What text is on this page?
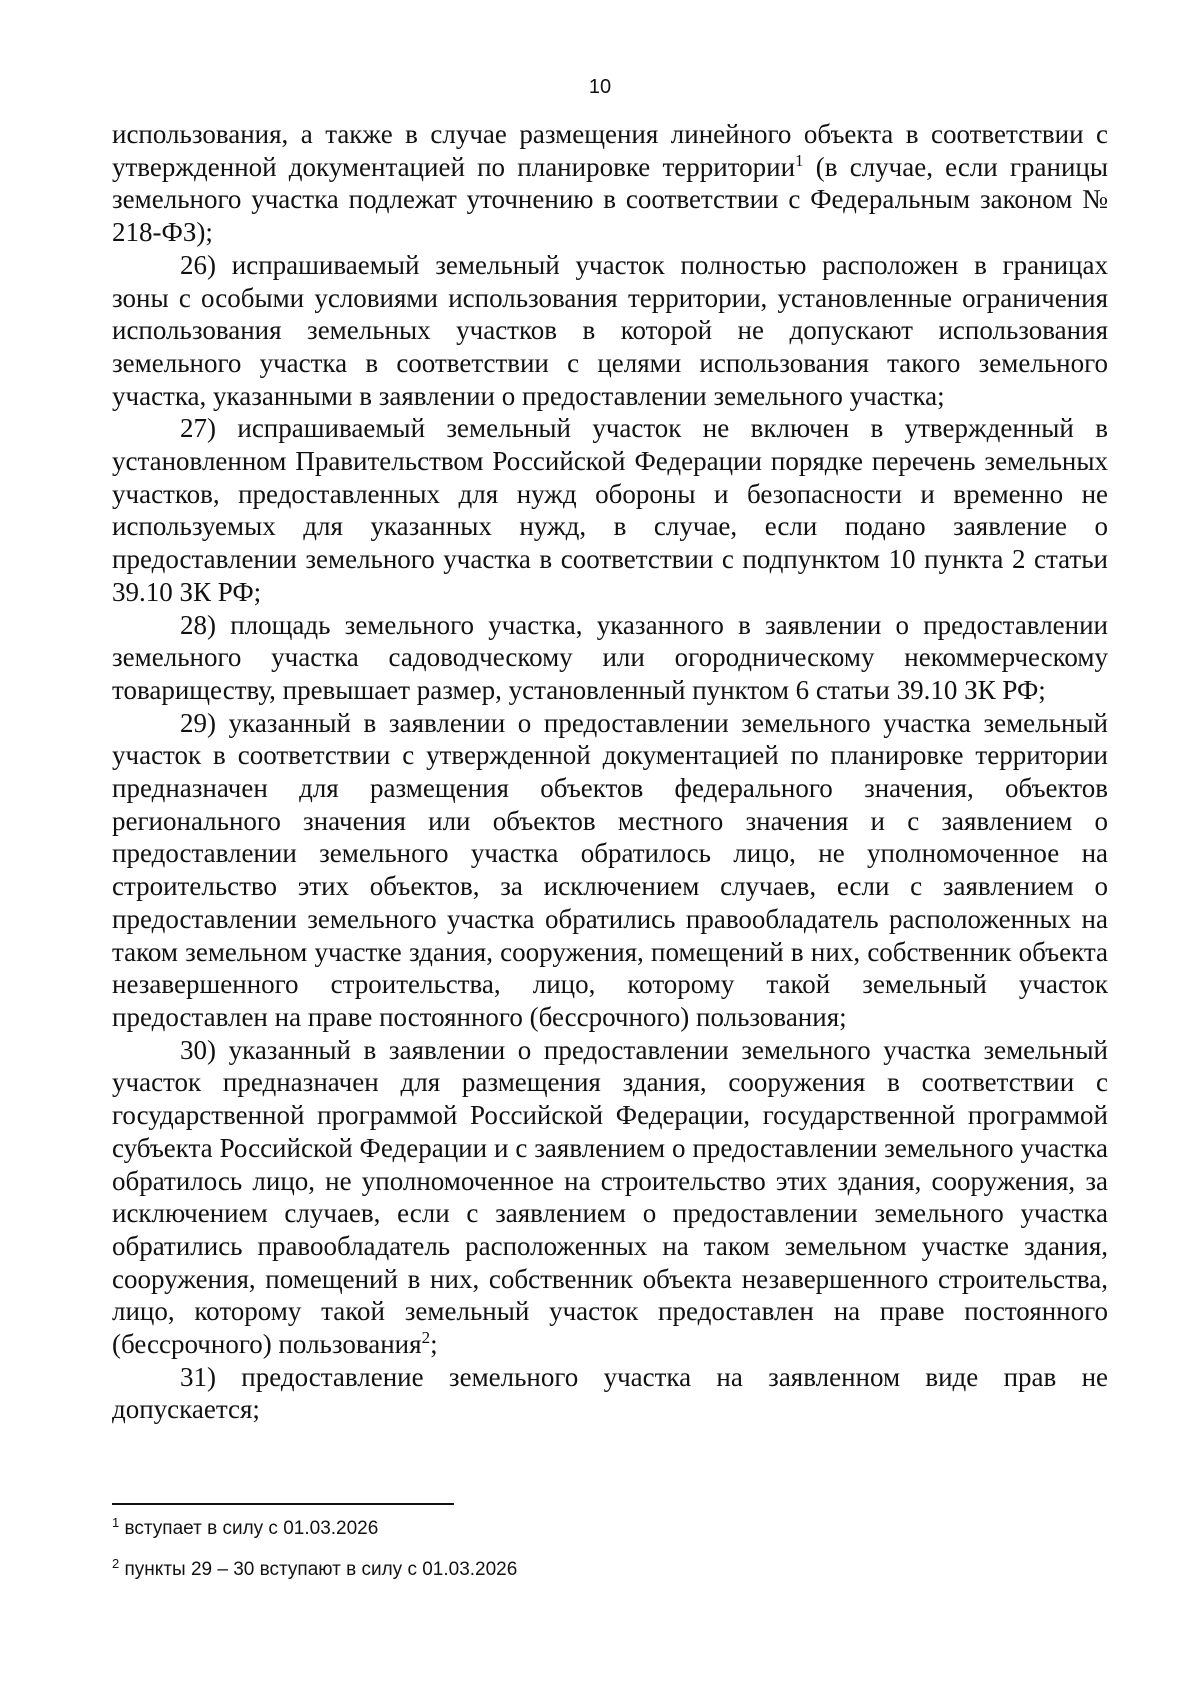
10

использования, а также в случае размещения линейного объекта в соответствии с утвержденной документацией по планировке территории$^1$ (в случае, если границы земельного участка подлежат уточнению в соответствии с Федеральным законом № 218-ФЗ);

26) испрашиваемый земельный участок полностью расположен в границах зоны с особыми условиями использования территории, установленные ограничения использования земельных участков в которой не допускают использования земельного участка в соответствии с целями использования такого земельного участка, указанными в заявлении о предоставлении земельного участка;

27) испрашиваемый земельный участок не включен в утвержденный в установленном Правительством Российской Федерации порядке перечень земельных участков, предоставленных для нужд обороны и безопасности и временно не используемых для указанных нужд, в случае, если подано заявление о предоставлении земельного участка в соответствии с подпунктом 10 пункта 2 статьи 39.10 ЗК РФ;

28) площадь земельного участка, указанного в заявлении о предоставлении земельного участка садоводческому или огородническому некоммерческому товариществу, превышает размер, установленный пунктом 6 статьи 39.10 ЗК РФ;

29) указанный в заявлении о предоставлении земельного участка земельный участок в соответствии с утвержденной документацией по планировке территории предназначен для размещения объектов федерального значения, объектов регионального значения или объектов местного значения и с заявлением о предоставлении земельного участка обратилось лицо, не уполномоченное на строительство этих объектов, за исключением случаев, если с заявлением о предоставлении земельного участка обратились правообладатель расположенных на таком земельном участке здания, сооружения, помещений в них, собственник объекта незавершенного строительства, лицо, которому такой земельный участок предоставлен на праве постоянного (бессрочного) пользования;

30) указанный в заявлении о предоставлении земельного участка земельный участок предназначен для размещения здания, сооружения в соответствии с государственной программой Российской Федерации, государственной программой субъекта Российской Федерации и с заявлением о предоставлении земельного участка обратилось лицо, не уполномоченное на строительство этих здания, сооружения, за исключением случаев, если с заявлением о предоставлении земельного участка обратились правообладатель расположенных на таком земельном участке здания, сооружения, помещений в них, собственник объекта незавершенного строительства, лицо, которому такой земельный участок предоставлен на праве постоянного (бессрочного) пользования$^2$;

31) предоставление земельного участка на заявленном виде прав не допускается;

$^1$ вступает в силу с 01.03.2026
$^2$ пункты 29 – 30 вступают в силу с 01.03.2026
